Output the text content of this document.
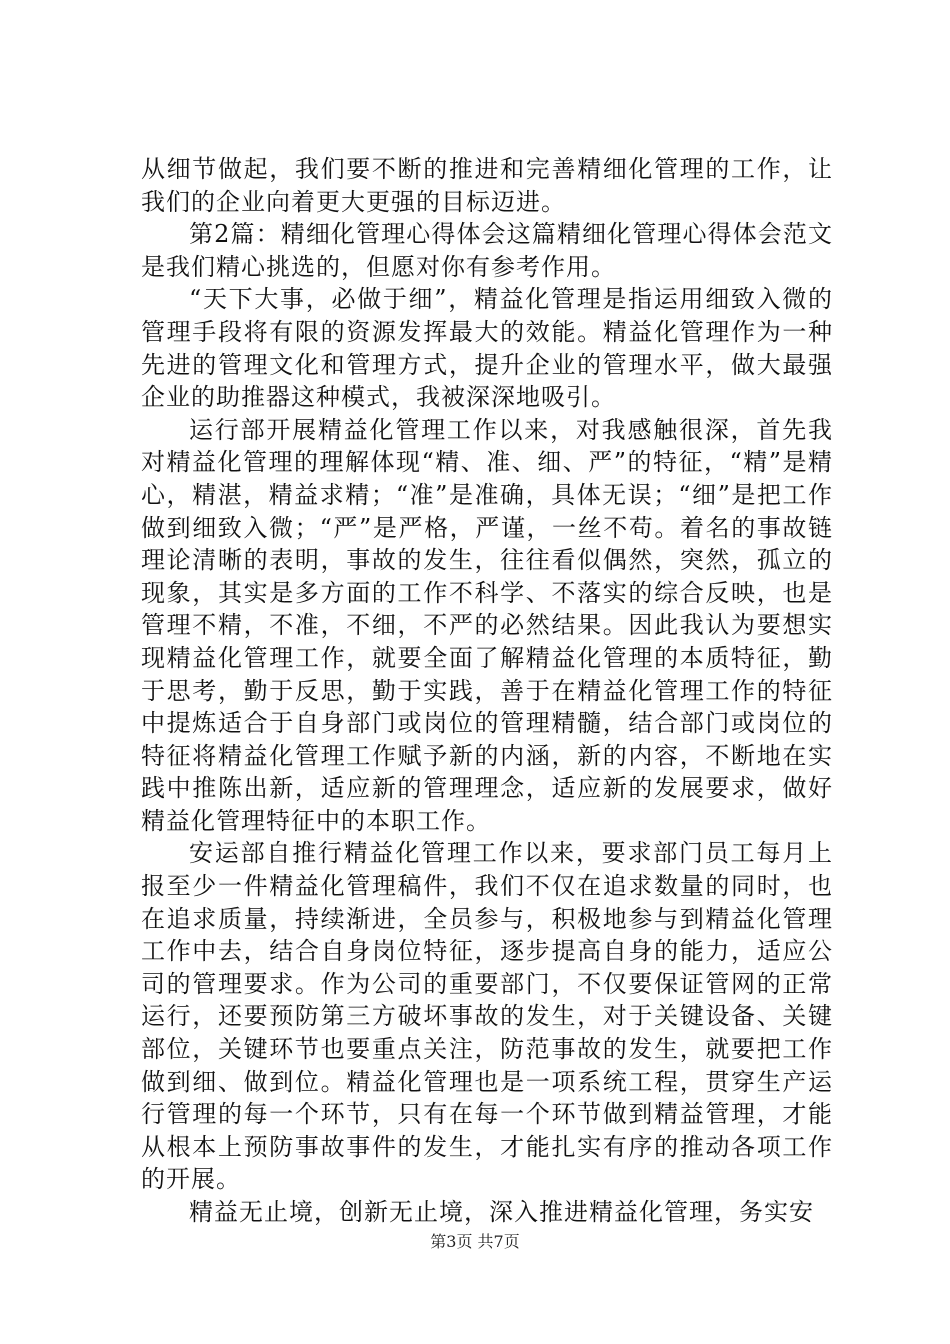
从细节做起，我们要不断的推进和完善精细化管理的工作，让我们的企业向着更大更强的目标迈进。

第2篇：精细化管理心得体会这篇精细化管理心得体会范文是我们精心挑选的，但愿对你有参考作用。

“天下大事，必做于细”，精益化管理是指运用细致入微的管理手段将有限的资源发挥最大的效能。精益化管理作为一种先进的管理文化和管理方式，提升企业的管理水平，做大最强企业的助推器这种模式，我被深深地吸引。

运行部开展精益化管理工作以来，对我感触很深，首先我对精益化管理的理解体现“精、准、细、严”的特征，“精”是精心，精湛，精益求精；“准”是准确，具体无误；“细”是把工作做到细致入微；“严”是严格，严谨，一丝不苟。着名的事故链理论清晰的表明，事故的发生，往往看似偶然，突然，孤立的现象，其实是多方面的工作不科学、不落实的综合反映，也是管理不精，不准，不细，不严的必然结果。因此我认为要想实现精益化管理工作，就要全面了解精益化管理的本质特征，勤于思考，勤于反思，勤于实践，善于在精益化管理工作的特征中提炼适合于自身部门或岗位的管理精髓，结合部门或岗位的特征将精益化管理工作赋予新的内涵，新的内容，不断地在实践中推陈出新，适应新的管理理念，适应新的发展要求，做好精益化管理特征中的本职工作。

安运部自推行精益化管理工作以来，要求部门员工每月上报至少一件精益化管理稿件，我们不仅在追求数量的同时，也在追求质量，持续渐进，全员参与，积极地参与到精益化管理工作中去，结合自身岗位特征，逐步提高自身的能力，适应公司的管理要求。作为公司的重要部门，不仅要保证管网的正常运行，还要预防第三方破坏事故的发生，对于关键设备、关键部位，关键环节也要重点关注，防范事故的发生，就要把工作做到细、做到位。精益化管理也是一项系统工程，贯穿生产运行管理的每一个环节，只有在每一个环节做到精益管理，才能从根本上预防事故事件的发生，才能扎实有序的推动各项工作的开展。

精益无止境，创新无止境，深入推进精益化管理，务实安

第3页 共7页
